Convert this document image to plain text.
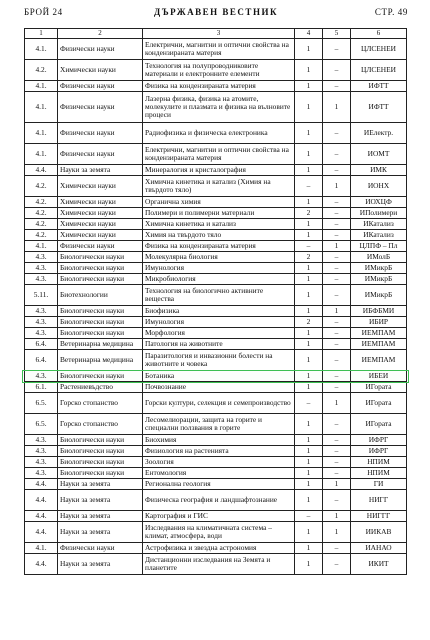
БРОЙ 24	ДЪРЖАВЕН ВЕСТНИК	СТР. 49
1	2	3	4	5	6
4.1.	Физически науки	Електрични, магнитни и оптични свойства на кондензираната материя	1	–	ЦЛСЕНЕИ
4.2.	Химически науки	Технология на полупроводниковите материали и електронните елементи	1	–	ЦЛСЕНЕИ
4.1.	Физически науки	Физика на кондензираната материя	1	–	ИФТТ
4.1.	Физически науки	Лазерна физика, физика на атомите, молекулите и плазмата и физика на вълновите процеси	1	1	ИФТТ
4.1.	Физически науки	Радиофизика и физическа електроника	1	–	ИЕлектр.
4.1.	Физически науки	Електрични, магнитни и оптични свойства на кондензираната материя	1	–	ИОМТ
4.4.	Науки за земята	Минералогия и кристалография	1	–	ИМК
4.2.	Химически науки	Химична кинетика и катализ (Химия на твърдото тяло)	–	1	ИОНХ
4.2.	Химически науки	Органична химия	1	–	ИОХЦФ
4.2.	Химически науки	Полимери и полимерни материали	2	–	ИПолимери
4.2.	Химически науки	Химична кинетика и катализ	1	–	ИКатализ
4.2.	Химически науки	Химия на твърдото тяло	1	–	ИКатализ
4.1.	Физически науки	Физика на кондензираната материя	–	1	ЦЛПФ – Пл
4.3.	Биологически науки	Молекулярна биология	2	–	ИМолБ
4.3.	Биологически науки	Имунология	1	–	ИМикрБ
4.3.	Биологически науки	Микробиология	1	–	ИМикрБ
5.11.	Биотехнологии	Технология на биологично активните вещества	1	–	ИМикрБ
4.3.	Биологически науки	Биофизика	1	1	ИБФБМИ
4.3.	Биологически науки	Имунология	2	–	ИБИР
4.3.	Биологически науки	Морфология	1	–	ИЕМПАМ
6.4.	Ветеринарна медицина	Патология на животните	1	–	ИЕМПАМ
6.4.	Ветеринарна медицина	Паразитология и инвазионни болести на животните и човека	1	–	ИЕМПАМ
4.3.	Биологически науки	Ботаника	1	–	ИБЕИ
6.1.	Растениевъдство	Почвознание	1	–	ИГората
6.5.	Горско стопанство	Горски култури, селекция и семепроизводство	–	1	ИГората
6.5.	Горско стопанство	Лесомелиорации, защита на горите и специални ползвания в горите	1	–	ИГората
4.3.	Биологически науки	Биохимия	1	–	ИФРГ
4.3.	Биологически науки	Физиология на растенията	1	–	ИФРГ
4.3.	Биологически науки	Зоология	1	–	НПИМ
4.3.	Биологически науки	Ентомология	1	–	НПИМ
4.4.	Науки за земята	Регионална геология	1	1	ГИ
4.4.	Науки за земята	Физическа география и ландшафтознание	1	–	НИГГ
4.4.	Науки за земята	Картография и ГИС	–	1	НИГГГ
4.4.	Науки за земята	Изследвания на климатичната система – климат, атмосфера, води	1	1	ИИКАВ
4.1.	Физически науки	Астрофизика и звездна астрономия	1	–	ИАНАО
4.4.	Науки за земята	Дистанционни изследвания на Земята и планетите	1	–	ИКИТ
